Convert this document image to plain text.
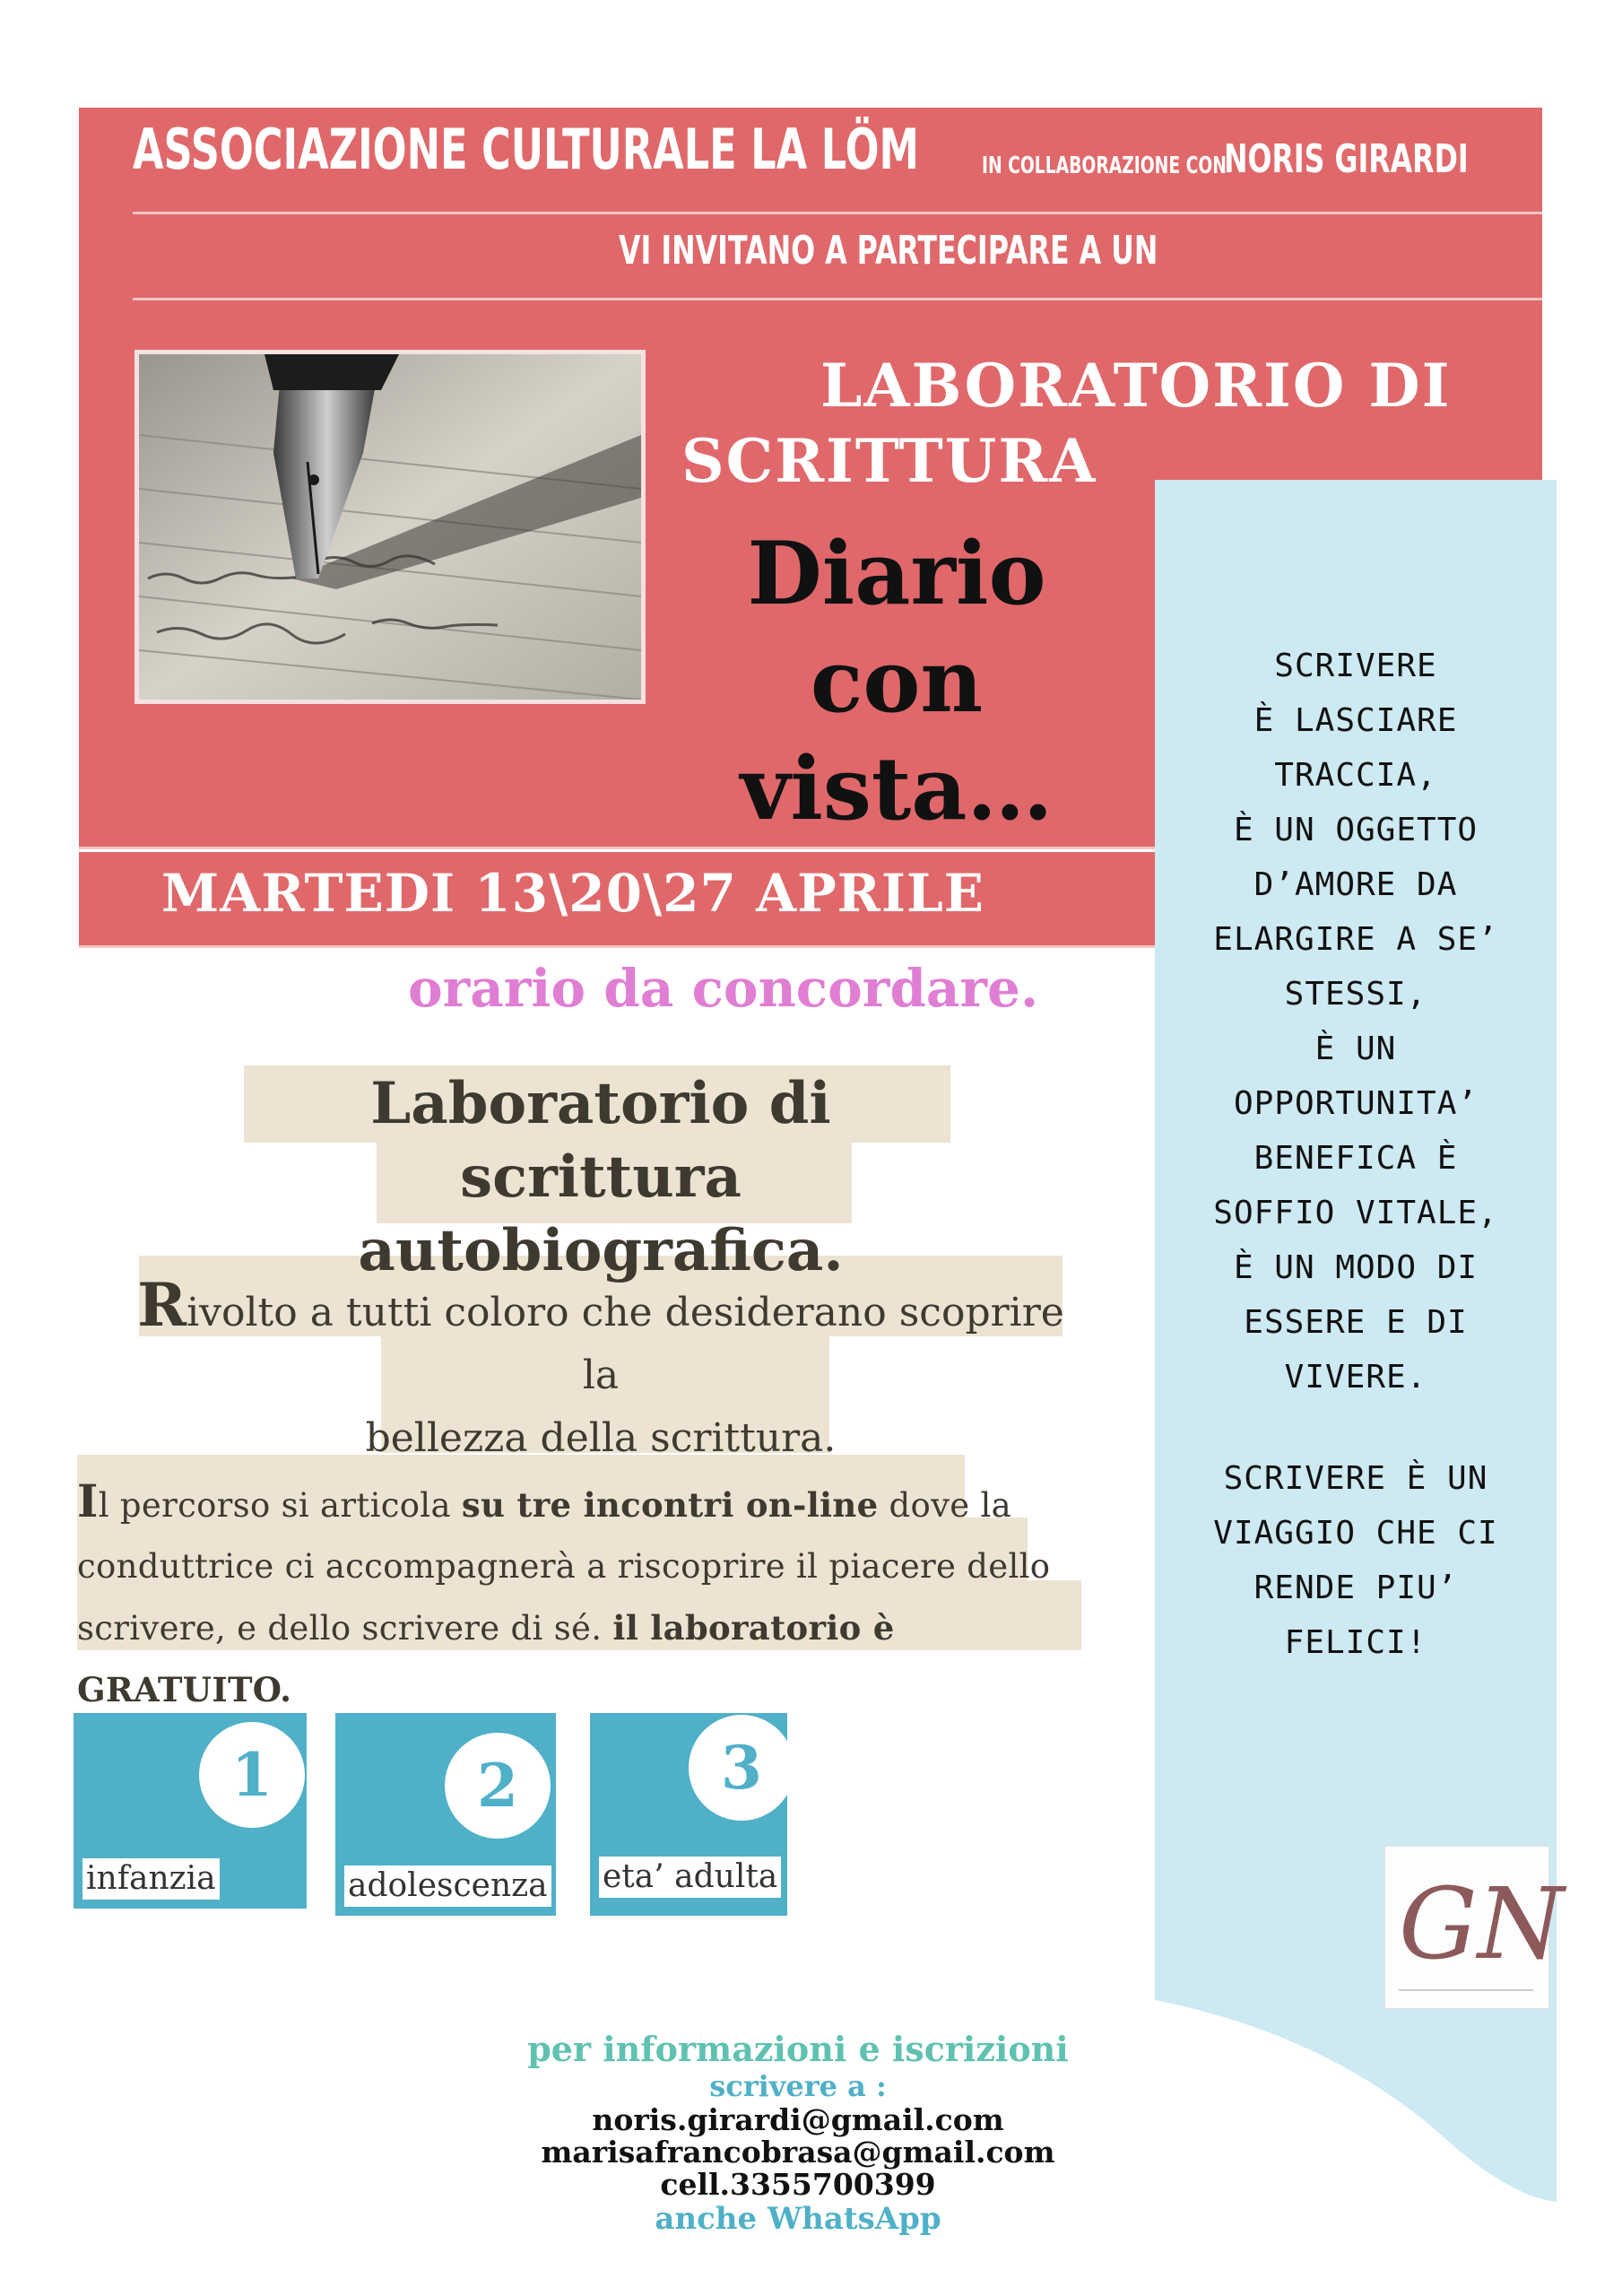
ASSOCIAZIONE CULTURALE LA LÖM	IN COLLABORAZIONE CON
NORIS GIRARDI
VI INVITANO A PARTECIPARE A UN
LABORATORIO DI
SCRITTURA
Diario
con
vista…
MARTEDI 13\20\27 APRILE
orario da concordare.
SCRIVERE
È LASCIARE
TRACCIA,
È UN OGGETTO
D’AMORE DA
ELARGIRE A SE’
STESSI,
È UN
OPPORTUNITA’
BENEFICA È
SOFFIO VITALE,
È UN MODO DI
ESSERE E DI
VIVERE.
SCRIVERE È UN
VIAGGIO CHE CI
RENDE PIU’
FELICI!
Laboratorio di scrittura
autobiografica.
Rivolto a tutti coloro che desiderano scoprire la
bellezza della scrittura.
Il percorso si articola su tre incontri on-line dove la
conduttrice ci accompagnerà a riscoprire il piacere dello
scrivere, e dello scrivere di sé. il laboratorio è GRATUITO.
1
infanzia
2
adolescenza
3
eta’ adulta	GN
per informazioni e iscrizioni
scrivere a :
noris.girardi@gmail.com
marisafrancobrasa@gmail.com
cell.3355700399
anche WhatsApp
